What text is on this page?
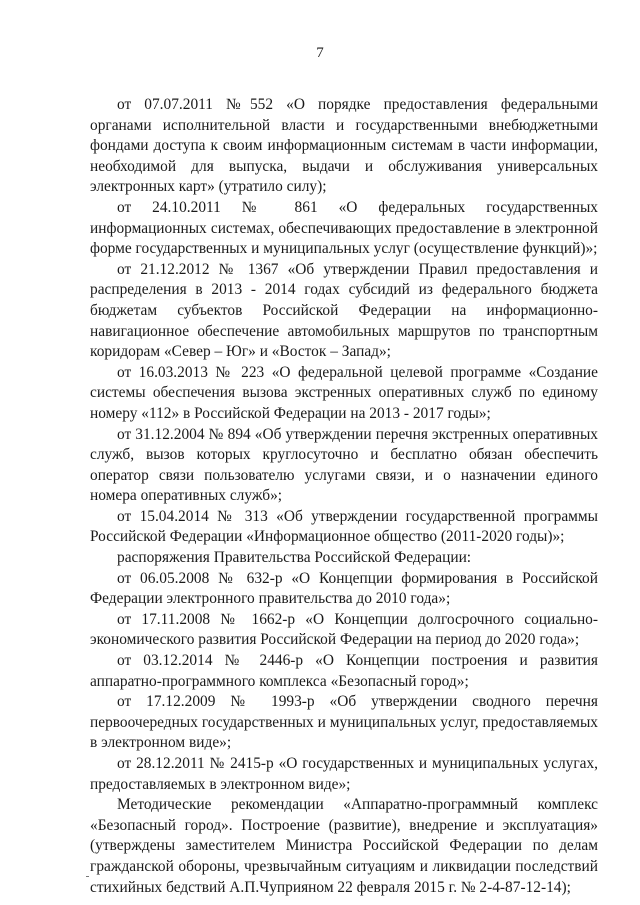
7

от 07.07.2011 №552 «О порядке предоставления федеральными органами исполнительной власти и государственными внебюджетными фондами доступа к своим информационным системам в части информации, необходимой для выпуска, выдачи и обслуживания универсальных электронных карт» (утратило силу);

от 24.10.2011 № 861 «О федеральных государственных информационных системах, обеспечивающих предоставление в электронной форме государственных и муниципальных услуг (осуществление функций)»;

от 21.12.2012 № 1367 «Об утверждении Правил предоставления и распределения в 2013 - 2014 годах субсидий из федерального бюджета бюджетам субъектов Российской Федерации на информационно-навигационное обеспечение автомобильных маршрутов по транспортным коридорам «Север – Юг» и «Восток – Запад»;

от 16.03.2013 № 223 «О федеральной целевой программе «Создание системы обеспечения вызова экстренных оперативных служб по единому номеру «112» в Российской Федерации на 2013 - 2017 годы»;

от 31.12.2004 № 894 «Об утверждении перечня экстренных оперативных служб, вызов которых круглосуточно и бесплатно обязан обеспечить оператор связи пользователю услугами связи, и о назначении единого номера оперативных служб»;

от 15.04.2014 № 313 «Об утверждении государственной программы Российской Федерации «Информационное общество (2011-2020 годы)»;

распоряжения Правительства Российской Федерации:

от 06.05.2008 № 632-р «О Концепции формирования в Российской Федерации электронного правительства до 2010 года»;

от 17.11.2008 № 1662-р «О Концепции долгосрочного социально-экономического развития Российской Федерации на период до 2020 года»;

от 03.12.2014 № 2446-р «О Концепции построения и развития аппаратно-программного комплекса «Безопасный город»;

от 17.12.2009 № 1993-р «Об утверждении сводного перечня первоочередных государственных и муниципальных услуг, предоставляемых в электронном виде»;

от 28.12.2011 № 2415-р «О государственных и муниципальных услугах, предоставляемых в электронном виде»;

Методические рекомендации «Аппаратно-программный комплекс «Безопасный город». Построение (развитие), внедрение и эксплуатация» (утверждены заместителем Министра Российской Федерации по делам гражданской обороны, чрезвычайным ситуациям и ликвидации последствий стихийных бедствий А.П.Чуприяном 22 февраля 2015 г. № 2-4-87-12-14);
